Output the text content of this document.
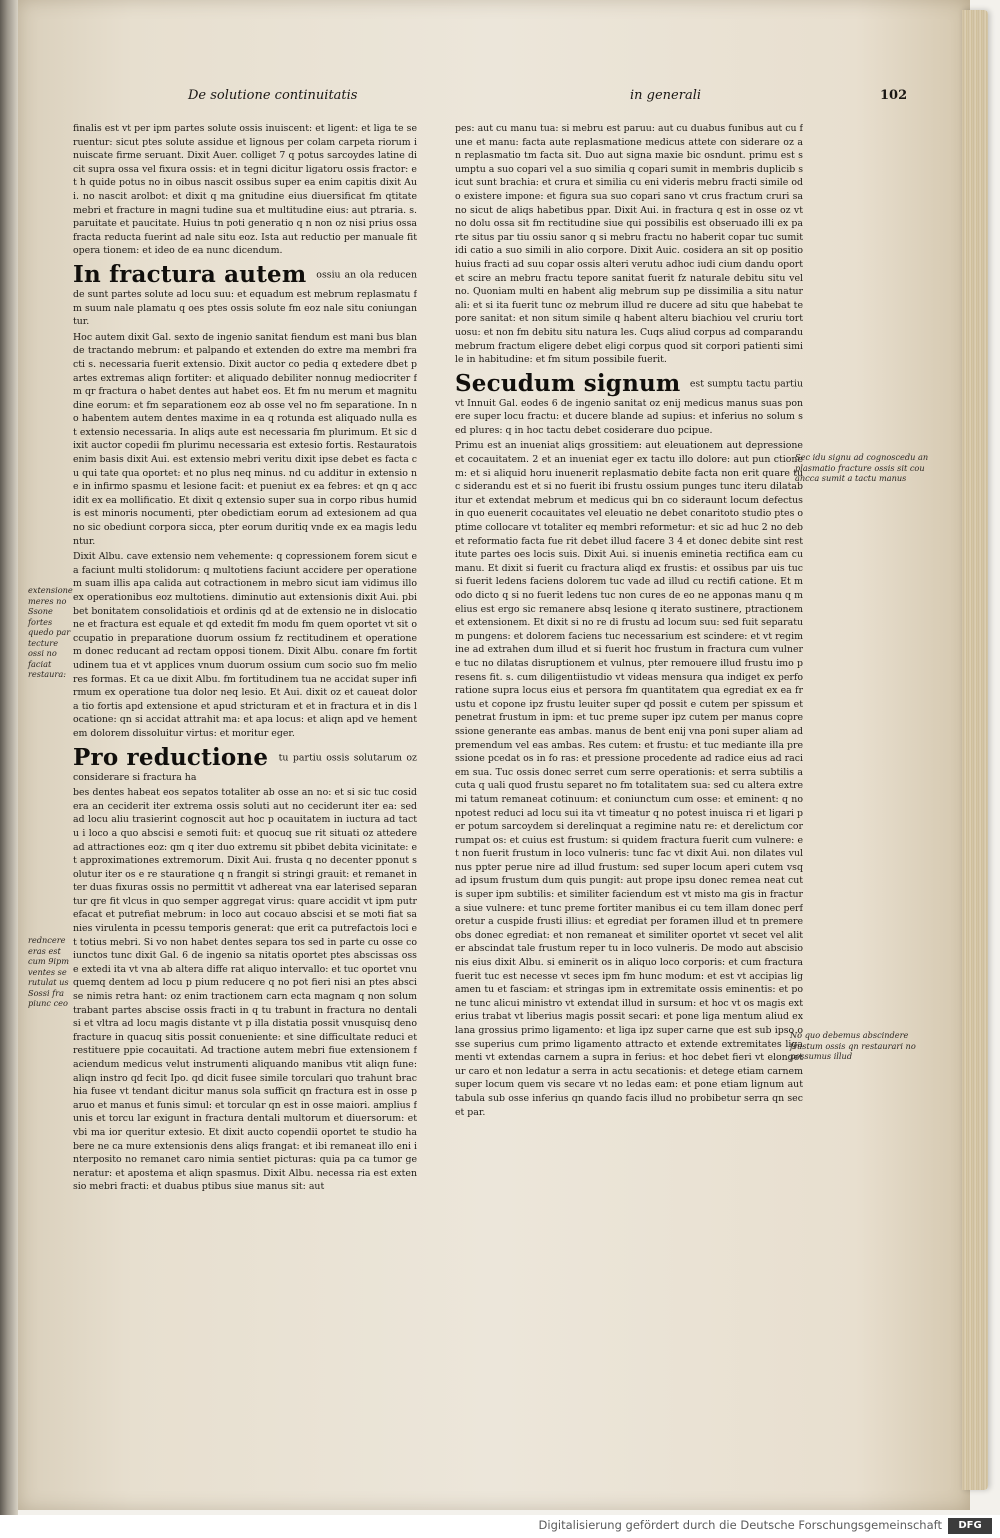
De solutione continuitatis	in generali	102

finalis est vt per ipm partes solute ossis inuiscent: et ligent: et liga te seruentur: sicut ptes solute assidue et lignous per colam carpeta riorum inuiscate firme seruant. Dixit Auer. colliget 7 q potus sarcoydes latine dicit supra ossa vel fixura ossis: et in tegni dicitur ligatoru ossis fractor: et h quide potus no in oibus nascit ossibus super ea enim capitis dixit Aui. no nascit arolbot: et dixit q ma gnitudine eius diuersificat fm qtitate mebri et fracture in magni tudine sua et multitudine eius: aut ptraria. s.paruitate et paucitate. Huius tn poti generatio q n non oz nisi prius ossa fracta reducta fuerint ad nale situ eoz. Ista aut reductio per manuale fit opera tionem: et ideo de ea nunc dicendum.

In fractura autem ossiu an ola reducen de sunt partes solute ad locu suu: et equadum est mebrum replasmatu fm suum nale plamatu q oes ptes ossis solute fm eoz nale situ coniungantur.

Hoc autem dixit Gal. sexto de ingenio sanitat fiendum est mani bus blande tractando mebrum: et palpando et extenden do extre ma membri fracti s. necessaria fuerit extensio. Dixit auctor co pedia q extedere dbet partes extremas aliqn fortiter: et aliquado debiliter nonnug mediocriter fm qr fractura o habet dentes aut habet eos. Et fm nu merum et magnitudine eorum: et fm separationem eoz ab osse vel no fm separatione. In no habentem autem dentes maxime in ea q rotunda est aliquado nulla est extensio necessaria. In aliqs aute est necessaria fm plurimum. Et sic dixit auctor copedii fm plurimu necessaria est extesio fortis. Restauratois enim basis dixit Aui. est extensio mebri veritu dixit ipse debet es facta cu qui tate qua oportet: et no plus neq minus. nd cu additur in extensio ne in infirmo spasmu et lesione facit: et pueniut ex ea febres: et qn q accidit ex ea mollificatio. Et dixit q extensio super sua in corpo ribus humidis est minoris nocumenti, pter obedictiam eorum ad extesionem ad qua no sic obediunt corpora sicca, pter eorum duritiq vnde ex ea magis leduntur.

Dixit Albu. cave extensio nem vehemente: q copressionem forem sicut ea faciunt multi stolidorum: q multotiens faciunt accidere per operationem suam illis apa calida aut cotractionem in mebro sicut iam vidimus illo ex operationibus eoz multotiens. diminutio aut extensionis dixit Aui. pbibet bonitatem consolidatiois et ordinis qd at de extensio ne in dislocatione et fractura est equale et qd extedit fm modu fm quem oportet vt sit occupatio in preparatione duorum ossium fz rectitudinem et operationem donec reducant ad rectam opposi tionem. Dixit Albu. conare fm fortitudinem tua et vt applices vnum duorum ossium cum socio suo fm meliores formas. Et ca ue dixit Albu. fm fortitudinem tua ne accidat super infirmum ex operatione tua dolor neq lesio. Et Aui. dixit oz et caueat dolora tio fortis apd extensione et apud stricturam et et in fractura et in dis locatione: qn si accidat attrahit ma: et apa locus: et aliqn apd ve hementem dolorem dissoluitur virtus: et moritur eger.

Pro reductione tu partiu ossis solutarum oz considerare si fractura ha

bes dentes habeat eos sepatos totaliter ab osse an no: et si sic tuc cosidera an ceciderit iter extrema ossis soluti aut no ceciderunt iter ea: sed ad locu aliu trasierint cognoscit aut hoc p ocauitatem in iuctura ad tactu i loco a quo abscisi e semoti fuit: et quocuq sue rit situati oz attedere ad attractiones eoz: qm q iter duo extremu sit pbibet debita vicinitate: et approximationes extremorum. Dixit Aui. frusta q no decenter pponut solutur iter os e re stauratione q n frangit si stringi grauit: et remanet inter duas fixuras ossis no permittit vt adhereat vna ear laterised separan tur qre fit vlcus in quo semper aggregat virus: quare accidit vt ipm putrefacat et putrefiat mebrum: in loco aut cocauo abscisi et se moti fiat sanies virulenta in pcessu temporis generat: que erit ca putrefactois loci et totius mebri. Si vo non habet dentes separa tos sed in parte cu osse coiunctos tunc dixit Gal. 6 de ingenio sa nitatis oportet ptes abscissas osse extedi ita vt vna ab altera diffe rat aliquo intervallo: et tuc oportet vnuquemq dentem ad locu p pium reducere q no pot fieri nisi an ptes abscise nimis retra hant: oz enim tractionem carn ecta magnam q non solum trabant partes abscise ossis fracti in q tu trabunt in fractura no dentali si et vltra ad locu magis distante vt p illa distatia possit vnusquisq deno fracture in quacuq sitis possit conueniente: et sine difficultate reduci et restituere ppie cocauitati. Ad tractione autem mebri fiue extensionem faciendum medicus velut instrumenti aliquando manibus vtit aliqn fune: aliqn instro qd fecit Ipo. qd dicit fusee simile torculari quo trahunt brachia fusee vt tendant dicitur manus sola sufficit qn fractura est in osse paruo et manus et funis simul: et torcular qn est in osse maiori. amplius funis et torcu lar exigunt in fractura dentali multorum et diuersorum: et vbi ma ior queritur extesio. Et dixit aucto copendii oportet te studio ha bere ne ca mure extensionis dens aliqs frangat: et ibi remaneat illo eni interposito no remanet caro nimia sentiet picturas: quia pa ca tumor generatur: et apostema et aliqn spasmus. Dixit Albu. necessa ria est extensio mebri fracti: et duabus ptibus siue manus sit: aut

pes: aut cu manu tua: si mebru est paruu: aut cu duabus funibus aut cu fune et manu: facta aute replasmatione medicus attete con siderare oz an replasmatio tm facta sit. Duo aut signa maxie bic osndunt. primu est sumptu a suo copari vel a suo similia q copari sumit in membris duplicib sicut sunt brachia: et crura et similia cu eni videris mebru fracti simile odo existere impone: et figura sua suo copari sano vt crus fractum cruri sano sicut de aliqs habetibus ppar. Dixit Aui. in fractura q est in osse oz vt no dolu ossa sit fm rectitudine siue qui possibilis est obseruado illi ex parte situs par tiu ossiu sanor q si mebru fractu no haberit copar tuc sumit idi catio a suo simili in alio corpore. Dixit Auic. cosidera an sit op positio huius fracti ad suu copar ossis alteri verutu adhoc iudi cium dandu oportet scire an mebru fractu tepore sanitat fuerit fz naturale debitu situ vel no. Quoniam multi en habent alig mebrum sup pe dissimilia a situ naturali: et si ita fuerit tunc oz mebrum illud re ducere ad situ que habebat tepore sanitat: et non situm simile q habent alteru biachiou vel cruriu tortuosu: et non fm debitu situ natura les. Cuqs aliud corpus ad comparandu mebrum fractum eligere debet eligi corpus quod sit corpori patienti simile in habitudine: et fm situm possibile fuerit.

Secudum signum est sumptu tactu partiu vt Innuit Gal. eodes 6 de ingenio sanitat oz enij medicus manus suas ponere super locu fractu: et ducere blande ad supius: et inferius no solum sed plures: q in hoc tactu debet cosiderare duo pcipue.

Primu est an inueniat aliqs grossitiem: aut eleuationem aut depressione et cocauitatem. 2 et an inueniat eger ex tactu illo dolore: aut pun ctionem: et si aliquid horu inuenerit replasmatio debite facta non erit quare tuc siderandu est et si no fuerit ibi frustu ossium punges tunc iteru dilatabitur et extendat mebrum et medicus qui bn co sideraunt locum defectus in quo euenerit cocauitates vel eleuatio ne debet conaritoto studio ptes optime collocare vt totaliter eq membri reformetur: et sic ad huc 2 no debet reformatio facta fue rit debet illud facere 3 4 et donec debite sint restitute partes oes locis suis. Dixit Aui. si inuenis eminetia rectifica eam cu manu. Et dixit si fuerit cu fractura aliqd ex frustis: et ossibus par uis tuc si fuerit ledens faciens dolorem tuc vade ad illud cu rectifi catione. Et modo dicto q si no fuerit ledens tuc non cures de eo ne apponas manu q melius est ergo sic remanere absq lesione q iterato sustinere, ptractionem et extensionem. Et dixit si no re di frustu ad locum suu: sed fuit separatum pungens: et dolorem faciens tuc necessarium est scindere: et vt regimine ad extrahen dum illud et si fuerit hoc frustum in fractura cum vulnere tuc no dilatas disruptionem et vulnus, pter remouere illud frustu imo presens fit. s. cum diligentiistudio vt videas mensura qua indiget ex perforatione supra locus eius et persora fm quantitatem qua egrediat ex ea frustu et copone ipz frustu leuiter super qd possit e cutem per spissum et penetrat frustum in ipm: et tuc preme super ipz cutem per manus copressione generante eas ambas. manus de bent enij vna poni super aliam ad premendum vel eas ambas. Res cutem: et frustu: et tuc mediante illa pressione pcedat os in fo ras: et pressione procedente ad radice eius ad raciem sua. Tuc ossis donec serret cum serre operationis: et serra subtilis acuta q uali quod frustu separet no fm totalitatem sua: sed cu altera extremi tatum remaneat cotinuum: et coniunctum cum osse: et eminent: q nonpotest reduci ad locu sui ita vt timeatur q no potest inuisca ri et ligari per potum sarcoydem si derelinquat a regimine natu re: et derelictum corrumpat os: et cuius est frustum: si quidem fractura fuerit cum vulnere: et non fuerit frustum in loco vulneris: tunc fac vt dixit Aui. non dilates vulnus ppter perue nire ad illud frustum: sed super locum aperi cutem vsq ad ipsum frustum dum quis pungit: aut prope ipsu donec remea neat cutis super ipm subtilis: et similiter faciendum est vt misto ma gis in fractura siue vulnere: et tunc preme fortiter manibus ei cu tem illam donec perforetur a cuspide frusti illius: et egrediat per foramen illud et tn premere obs donec egrediat: et non remaneat et similiter oportet vt secet vel aliter abscindat tale frustum reper tu in loco vulneris. De modo aut abscisionis eius dixit Albu. si eminerit os in aliquo loco corporis: et cum fractura fuerit tuc est necesse vt seces ipm fm hunc modum: et est vt accipias ligamen tu et fasciam: et stringas ipm in extremitate ossis eminentis: et pone tunc alicui ministro vt extendat illud in sursum: et hoc vt os magis exterius trabat vt liberius magis possit secari: et pone liga mentum aliud ex lana grossius primo ligamento: et liga ipz super carne que est sub ipso osse superius cum primo ligamento attracto et extende extremitates ligamenti vt extendas carnem a supra in ferius: et hoc debet fieri vt elongetur caro et non ledatur a serra in actu secationis: et detege etiam carnem super locum quem vis secare vt no ledas eam: et pone etiam lignum aut tabula sub osse inferius qn quando facis illud no probibetur serra qn secet par.

extensione meres no Ssone fortes quedo par tecture ossi no faciat restaura:
redncere eras est cum 9ipm ventes se rutulat us Sossi fra piunc ceo
Sec idu signu ad cognoscedu an plasmatio fracture ossis sit cou ancca sumit a tactu manus
No quo debemus abscindere frustum ossis qn restaurari no possumus illud
Digitalisierung gefördert durch die Deutsche Forschungsgemeinschaft	DFG
